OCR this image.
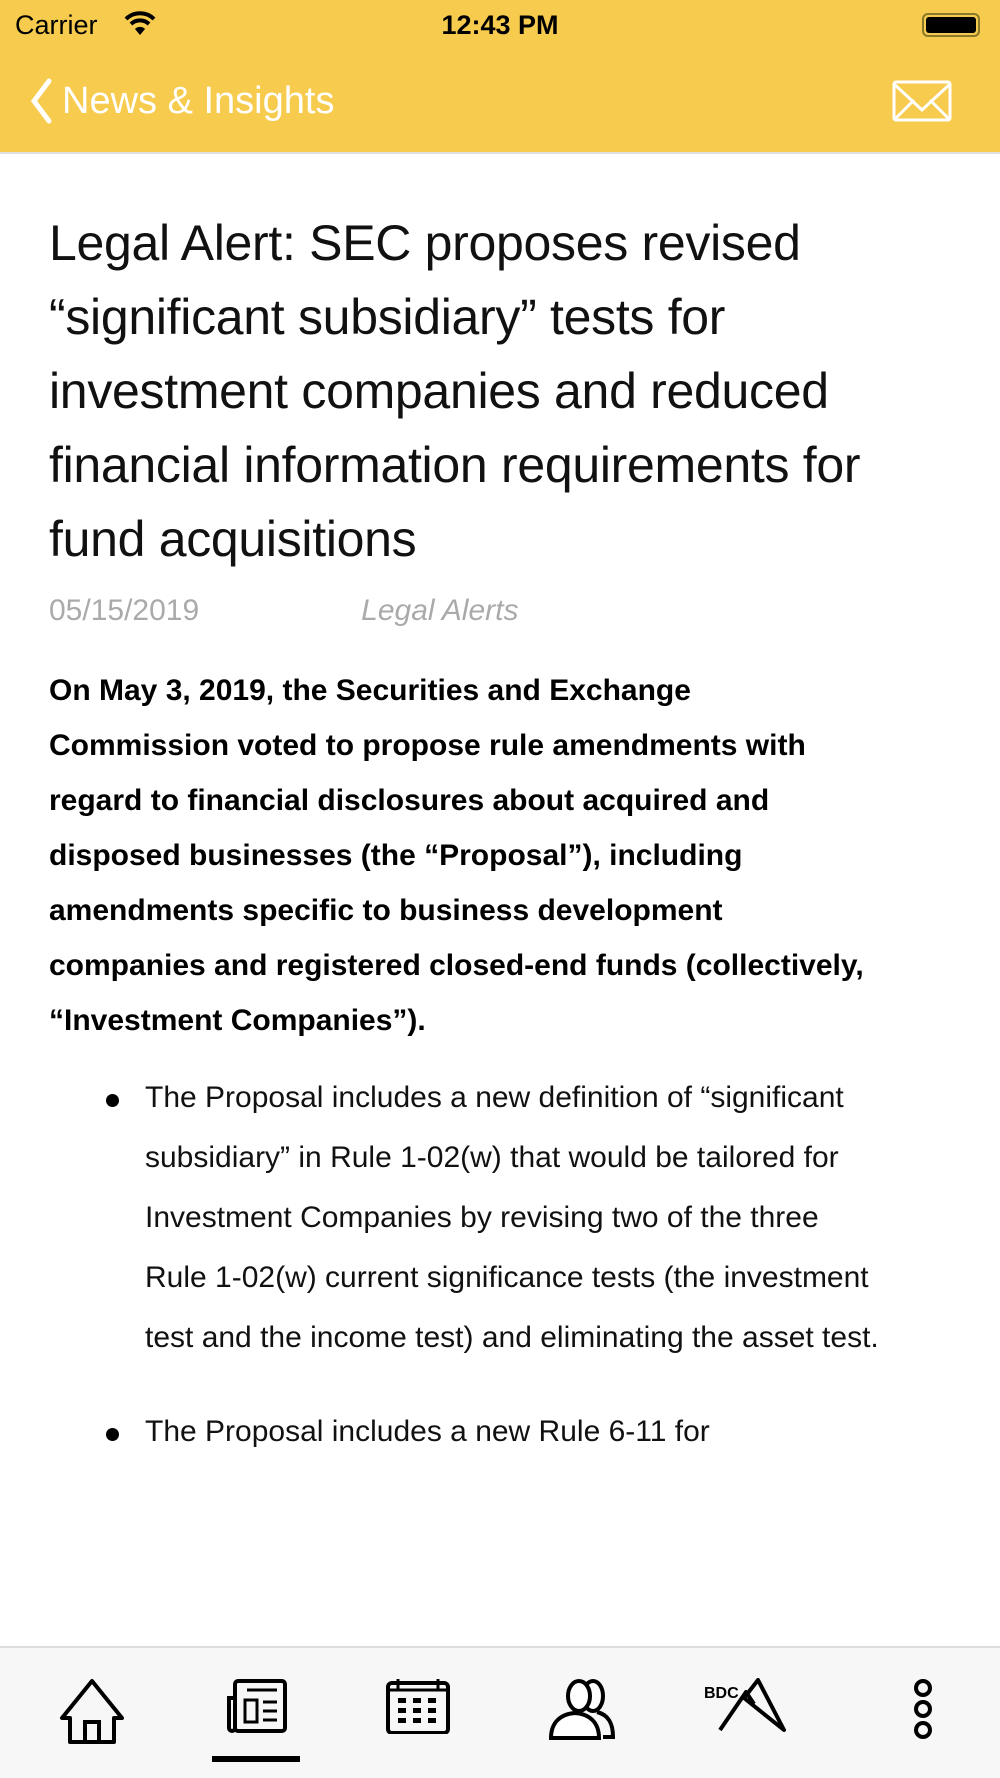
Carrier	12:43 PM
News & Insights
Legal Alert: SEC proposes revised “significant subsidiary” tests for investment companies and reduced financial information requirements for fund acquisitions
05/15/2019	Legal Alerts

On May 3, 2019, the Securities and Exchange Commission voted to propose rule amendments with regard to financial disclosures about acquired and disposed businesses (the “Proposal”), including amendments specific to business development companies and registered closed-end funds (collectively, “Investment Companies”).

The Proposal includes a new definition of “significant subsidiary” in Rule 1-02(w) that would be tailored for Investment Companies by revising two of the three Rule 1-02(w) current significance tests (the investment test and the income test) and eliminating the asset test.
The Proposal includes a new Rule 6-11 for
BDC
